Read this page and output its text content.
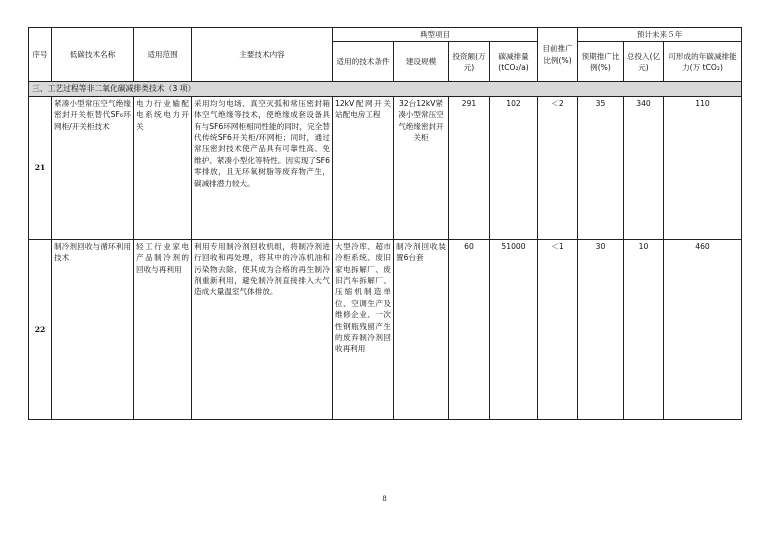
序号	低碳技术名称	适用范围	主要技术内容	典型项目				目前推广比例(%)	预计未来５年		
				适用的技术条件	建设规模	投资额(万元)	碳减排量(tCO₂/a)		预期推广比例(%)	总投入(亿元)	可形成的年碳减排能力(万 tCO₂)
三、工艺过程等非二氧化碳减排类技术（3 项）											
21	紧凑小型常压空气绝缘密封开关柜替代SF₆环网柜/开关柜技术	电力行业输配电系统电力开关	采用均匀电场、真空灭弧和常压密封箱体空气绝缘等技术，使绝缘成套设备具有与SF6环网柜相同性能的同时，完全替代传统SF6开关柜/环网柜；同时，通过常压密封技术使产品具有可靠性高、免维护、紧凑小型化等特性。因实现了SF6零排放，且无环氧树脂等废弃物产生，碳减排潜力较大。	12kV配网开关站配电房工程	32台12kV紧凑小型常压空气绝缘密封开关柜	291	102	＜2	35	340	110
22	制冷剂回收与循环利用技术	轻工行业家电产品制冷剂的回收与再利用	利用专用制冷剂回收机组，将制冷剂进行回收和再处理，将其中的冷冻机油和污染物去除，使其成为合格的再生制冷剂重新利用，避免制冷剂直接排入大气造成大量温室气体排放。	大型冷库、超市冷柜系统、废旧家电拆解厂、废旧汽车拆解厂、压缩机制造单位、空调生产及维修企业、一次性钢瓶残留产生的废弃制冷剂回收再利用	制冷剂回收装置6台套	60	51000	＜1	30	10	460
8
